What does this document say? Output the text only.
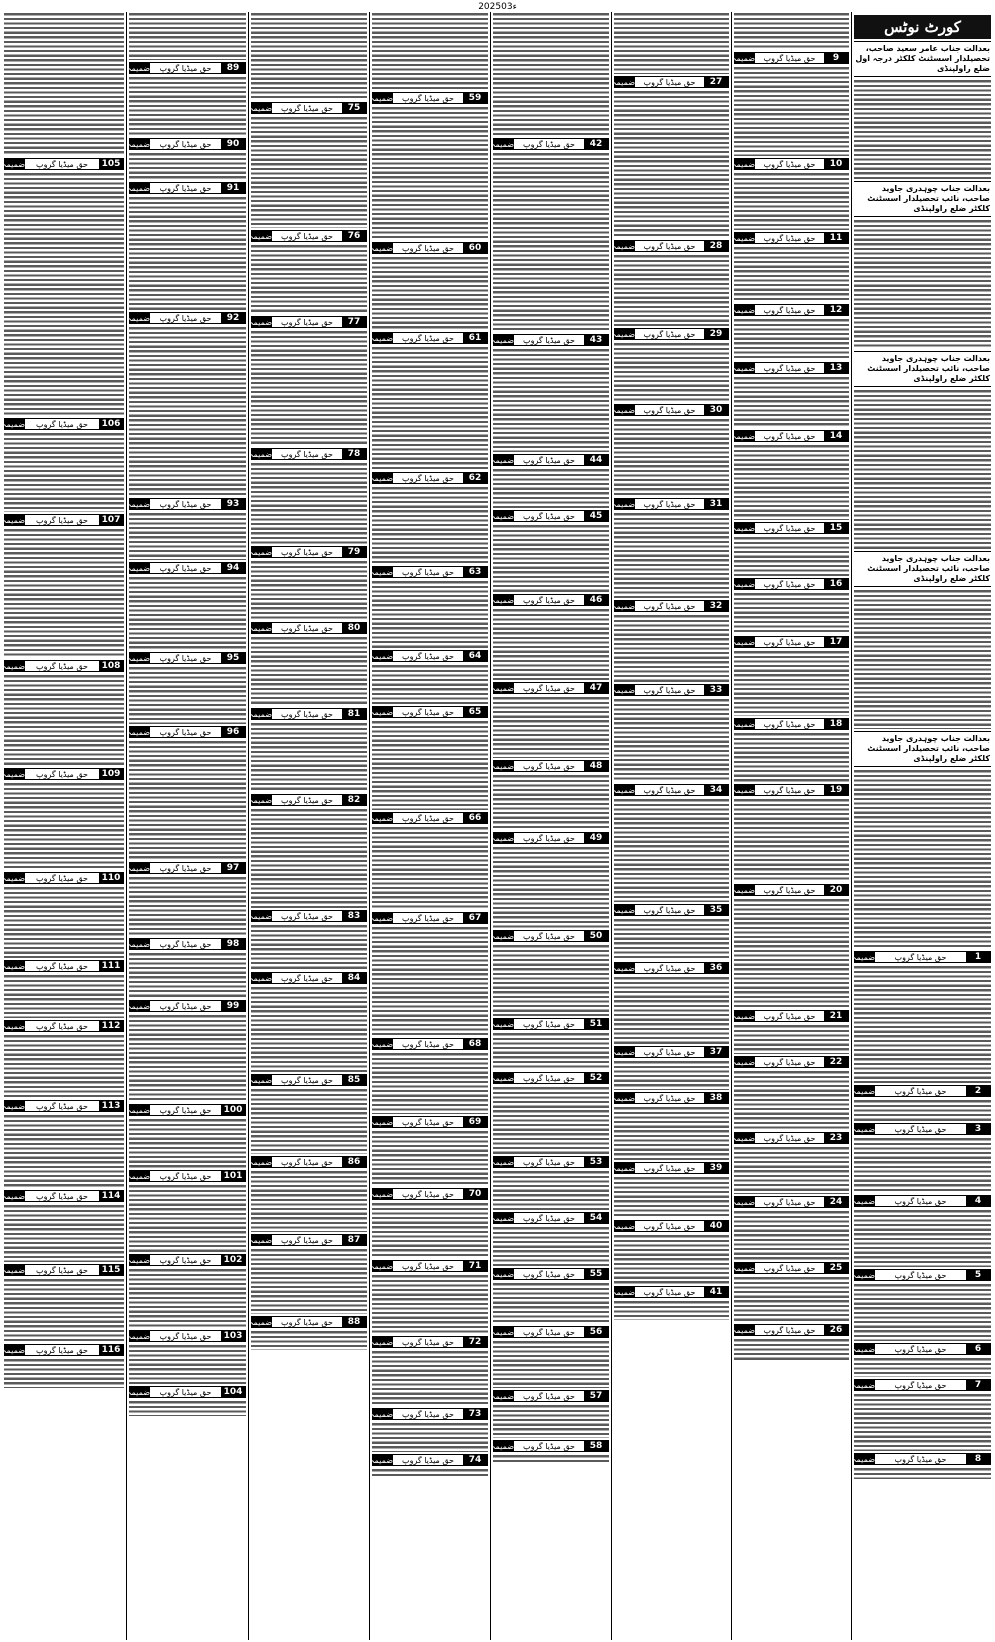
2025ء03
کورٹ نوٹس
بعدالت جناب عامر سعید صاحب، تحصیلدار اسسٹنٹ کلکٹر درجہ اول ضلع راولپنڈی
بعدالت جناب چوہدری جاوید صاحب، نائب تحصیلدار اسسٹنٹ کلکٹر ضلع راولپنڈی
بعدالت جناب چوہدری جاوید صاحب، نائب تحصیلدار اسسٹنٹ کلکٹر ضلع راولپنڈی
بعدالت جناب چوہدری جاوید صاحب، نائب تحصیلدار اسسٹنٹ کلکٹر ضلع راولپنڈی
بعدالت جناب چوہدری جاوید صاحب، نائب تحصیلدار اسسٹنٹ کلکٹر ضلع راولپنڈی
ضمیمہ	حق میڈیا گروپ	1
ضمیمہ	حق میڈیا گروپ	2
ضمیمہ	حق میڈیا گروپ	3
ضمیمہ	حق میڈیا گروپ	4
ضمیمہ	حق میڈیا گروپ	5
ضمیمہ	حق میڈیا گروپ	6
ضمیمہ	حق میڈیا گروپ	7
ضمیمہ	حق میڈیا گروپ	8
ضمیمہ	حق میڈیا گروپ	9
ضمیمہ	حق میڈیا گروپ	10
ضمیمہ	حق میڈیا گروپ	11
ضمیمہ	حق میڈیا گروپ	12
ضمیمہ	حق میڈیا گروپ	13
ضمیمہ	حق میڈیا گروپ	14
ضمیمہ	حق میڈیا گروپ	15
ضمیمہ	حق میڈیا گروپ	16
ضمیمہ	حق میڈیا گروپ	17
ضمیمہ	حق میڈیا گروپ	18
ضمیمہ	حق میڈیا گروپ	19
ضمیمہ	حق میڈیا گروپ	20
ضمیمہ	حق میڈیا گروپ	21
ضمیمہ	حق میڈیا گروپ	22
ضمیمہ	حق میڈیا گروپ	23
ضمیمہ	حق میڈیا گروپ	24
ضمیمہ	حق میڈیا گروپ	25
ضمیمہ	حق میڈیا گروپ	26
ضمیمہ	حق میڈیا گروپ	27
ضمیمہ	حق میڈیا گروپ	28
ضمیمہ	حق میڈیا گروپ	29
ضمیمہ	حق میڈیا گروپ	30
ضمیمہ	حق میڈیا گروپ	31
ضمیمہ	حق میڈیا گروپ	32
ضمیمہ	حق میڈیا گروپ	33
ضمیمہ	حق میڈیا گروپ	34
ضمیمہ	حق میڈیا گروپ	35
ضمیمہ	حق میڈیا گروپ	36
ضمیمہ	حق میڈیا گروپ	37
ضمیمہ	حق میڈیا گروپ	38
ضمیمہ	حق میڈیا گروپ	39
ضمیمہ	حق میڈیا گروپ	40
ضمیمہ	حق میڈیا گروپ	41
ضمیمہ	حق میڈیا گروپ	42
ضمیمہ	حق میڈیا گروپ	43
ضمیمہ	حق میڈیا گروپ	44
ضمیمہ	حق میڈیا گروپ	45
ضمیمہ	حق میڈیا گروپ	46
ضمیمہ	حق میڈیا گروپ	47
ضمیمہ	حق میڈیا گروپ	48
ضمیمہ	حق میڈیا گروپ	49
ضمیمہ	حق میڈیا گروپ	50
ضمیمہ	حق میڈیا گروپ	51
ضمیمہ	حق میڈیا گروپ	52
ضمیمہ	حق میڈیا گروپ	53
ضمیمہ	حق میڈیا گروپ	54
ضمیمہ	حق میڈیا گروپ	55
ضمیمہ	حق میڈیا گروپ	56
ضمیمہ	حق میڈیا گروپ	57
ضمیمہ	حق میڈیا گروپ	58
ضمیمہ	حق میڈیا گروپ	59
ضمیمہ	حق میڈیا گروپ	60
ضمیمہ	حق میڈیا گروپ	61
ضمیمہ	حق میڈیا گروپ	62
ضمیمہ	حق میڈیا گروپ	63
ضمیمہ	حق میڈیا گروپ	64
ضمیمہ	حق میڈیا گروپ	65
ضمیمہ	حق میڈیا گروپ	66
ضمیمہ	حق میڈیا گروپ	67
ضمیمہ	حق میڈیا گروپ	68
ضمیمہ	حق میڈیا گروپ	69
ضمیمہ	حق میڈیا گروپ	70
ضمیمہ	حق میڈیا گروپ	71
ضمیمہ	حق میڈیا گروپ	72
ضمیمہ	حق میڈیا گروپ	73
ضمیمہ	حق میڈیا گروپ	74
ضمیمہ	حق میڈیا گروپ	75
ضمیمہ	حق میڈیا گروپ	76
ضمیمہ	حق میڈیا گروپ	77
ضمیمہ	حق میڈیا گروپ	78
ضمیمہ	حق میڈیا گروپ	79
ضمیمہ	حق میڈیا گروپ	80
ضمیمہ	حق میڈیا گروپ	81
ضمیمہ	حق میڈیا گروپ	82
ضمیمہ	حق میڈیا گروپ	83
ضمیمہ	حق میڈیا گروپ	84
ضمیمہ	حق میڈیا گروپ	85
ضمیمہ	حق میڈیا گروپ	86
ضمیمہ	حق میڈیا گروپ	87
ضمیمہ	حق میڈیا گروپ	88
ضمیمہ	حق میڈیا گروپ	89
ضمیمہ	حق میڈیا گروپ	90
ضمیمہ	حق میڈیا گروپ	91
ضمیمہ	حق میڈیا گروپ	92
ضمیمہ	حق میڈیا گروپ	93
ضمیمہ	حق میڈیا گروپ	94
ضمیمہ	حق میڈیا گروپ	95
ضمیمہ	حق میڈیا گروپ	96
ضمیمہ	حق میڈیا گروپ	97
ضمیمہ	حق میڈیا گروپ	98
ضمیمہ	حق میڈیا گروپ	99
ضمیمہ	حق میڈیا گروپ	100
ضمیمہ	حق میڈیا گروپ	101
ضمیمہ	حق میڈیا گروپ	102
ضمیمہ	حق میڈیا گروپ	103
ضمیمہ	حق میڈیا گروپ	104
ضمیمہ	حق میڈیا گروپ	105
ضمیمہ	حق میڈیا گروپ	106
ضمیمہ	حق میڈیا گروپ	107
ضمیمہ	حق میڈیا گروپ	108
ضمیمہ	حق میڈیا گروپ	109
ضمیمہ	حق میڈیا گروپ	110
ضمیمہ	حق میڈیا گروپ	111
ضمیمہ	حق میڈیا گروپ	112
ضمیمہ	حق میڈیا گروپ	113
ضمیمہ	حق میڈیا گروپ	114
ضمیمہ	حق میڈیا گروپ	115
ضمیمہ	حق میڈیا گروپ	116
